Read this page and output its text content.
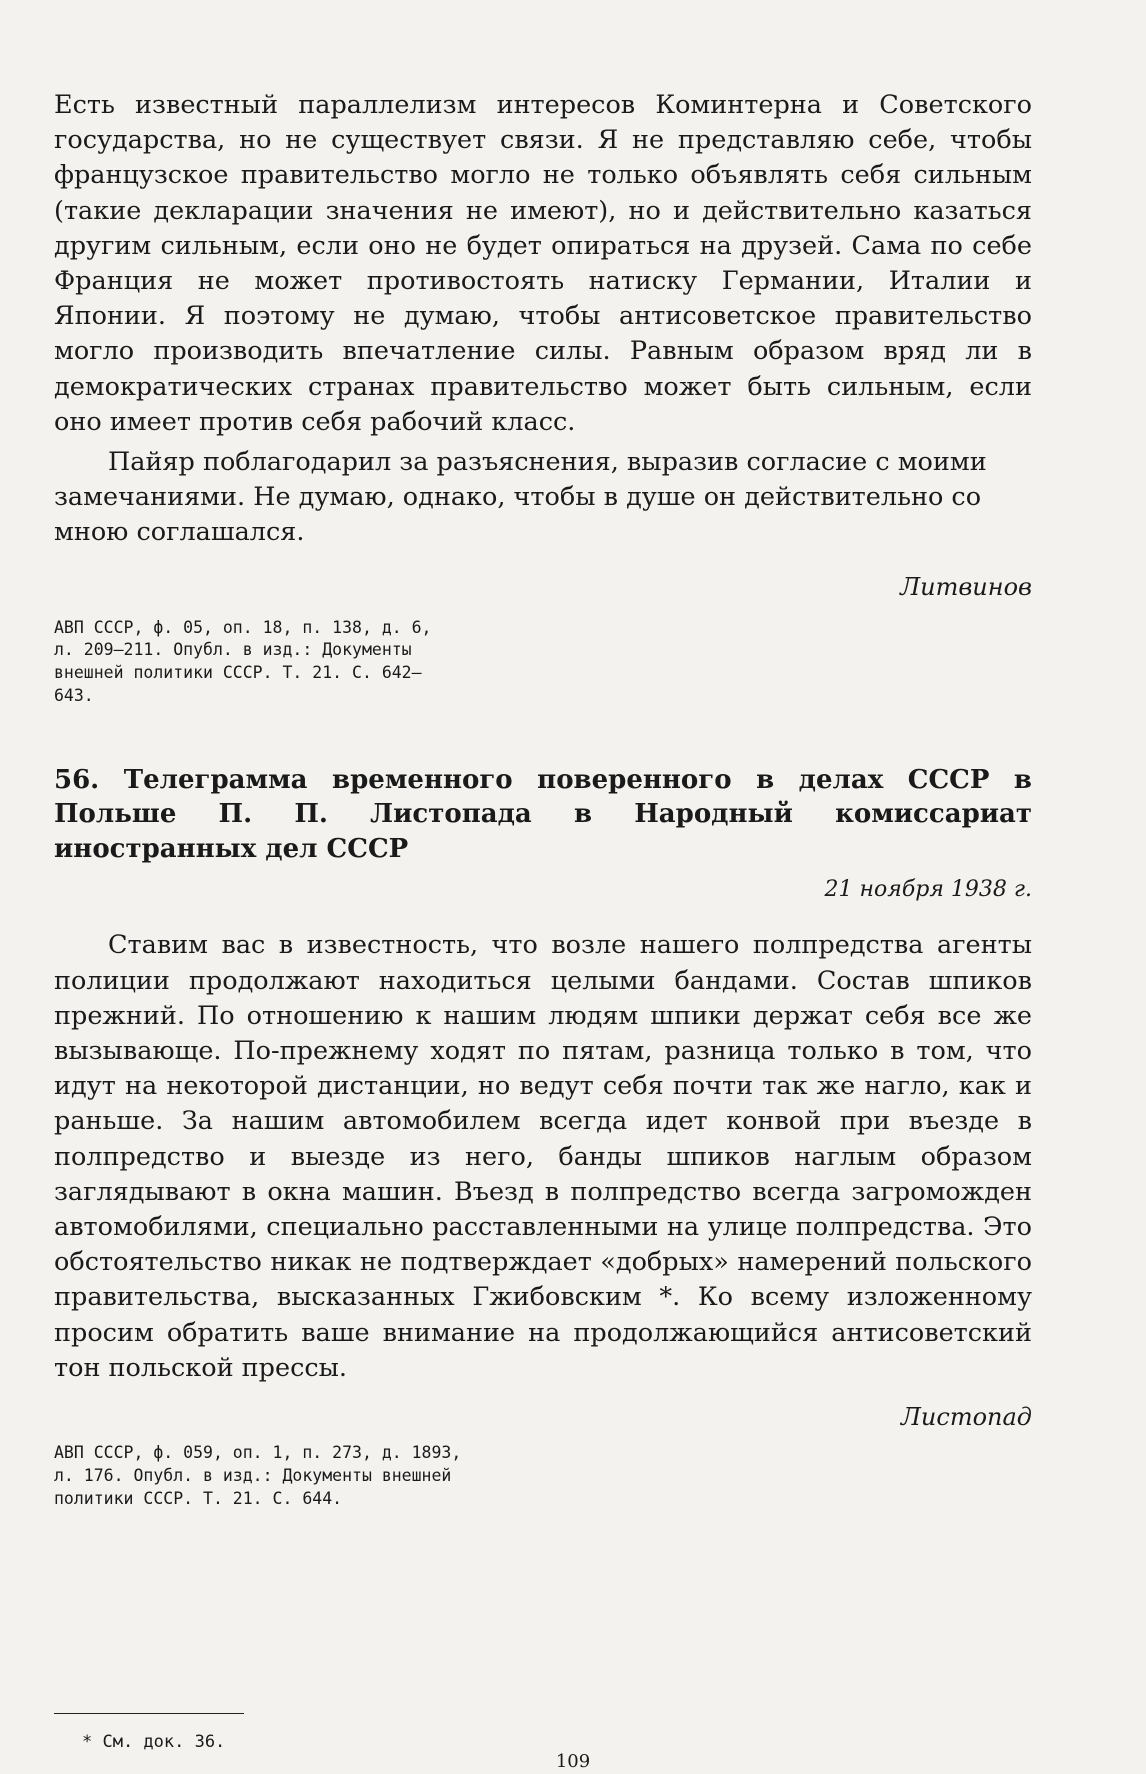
Есть известный параллелизм интересов Коминтерна и Советского государства, но не существует связи. Я не представляю себе, чтобы французское правительство могло не только объявлять себя сильным (такие декларации значения не имеют), но и действительно казаться другим сильным, если оно не будет опираться на друзей. Сама по себе Франция не может противостоять натиску Германии, Италии и Японии. Я поэтому не думаю, чтобы антисоветское правительство могло производить впечатление силы. Равным образом вряд ли в демократических странах правительство может быть сильным, если оно имеет против себя рабочий класс.

Пайяр поблагодарил за разъяснения, выразив согласие с моими замечаниями. Не думаю, однако, чтобы в душе он действительно со мною соглашался.

Литвинов

АВП СССР, ф. 05, оп. 18, п. 138, д. 6,

л. 209—211. Опубл. в изд.: Документы

внешней политики СССР. Т. 21. С. 642—

643.

56. Телеграмма временного поверенного в делах СССР в Польше П. П. Листопада в Народный комиссариат иностранных дел СССР

21 ноября 1938 г.

Ставим вас в известность, что возле нашего полпредства агенты полиции продолжают находиться целыми бандами. Состав шпиков прежний. По отношению к нашим людям шпики держат себя все же вызывающе. По-прежнему ходят по пятам, разница только в том, что идут на некоторой дистанции, но ведут себя почти так же нагло, как и раньше. За нашим автомобилем всегда идет конвой при въезде в полпредство и выезде из него, банды шпиков наглым образом заглядывают в окна машин. Въезд в полпредство всегда загроможден автомобилями, специально расставленными на улице полпредства. Это обстоятельство никак не подтверждает «добрых» намерений польского правительства, высказанных Гжибовским *. Ко всему изложенному просим обратить ваше внимание на продолжающийся антисоветский тон польской прессы.

Листопад

АВП СССР, ф. 059, оп. 1, п. 273, д. 1893,

л. 176. Опубл. в изд.: Документы внешней

политики СССР. Т. 21. С. 644.

* См. док. 36.

109
